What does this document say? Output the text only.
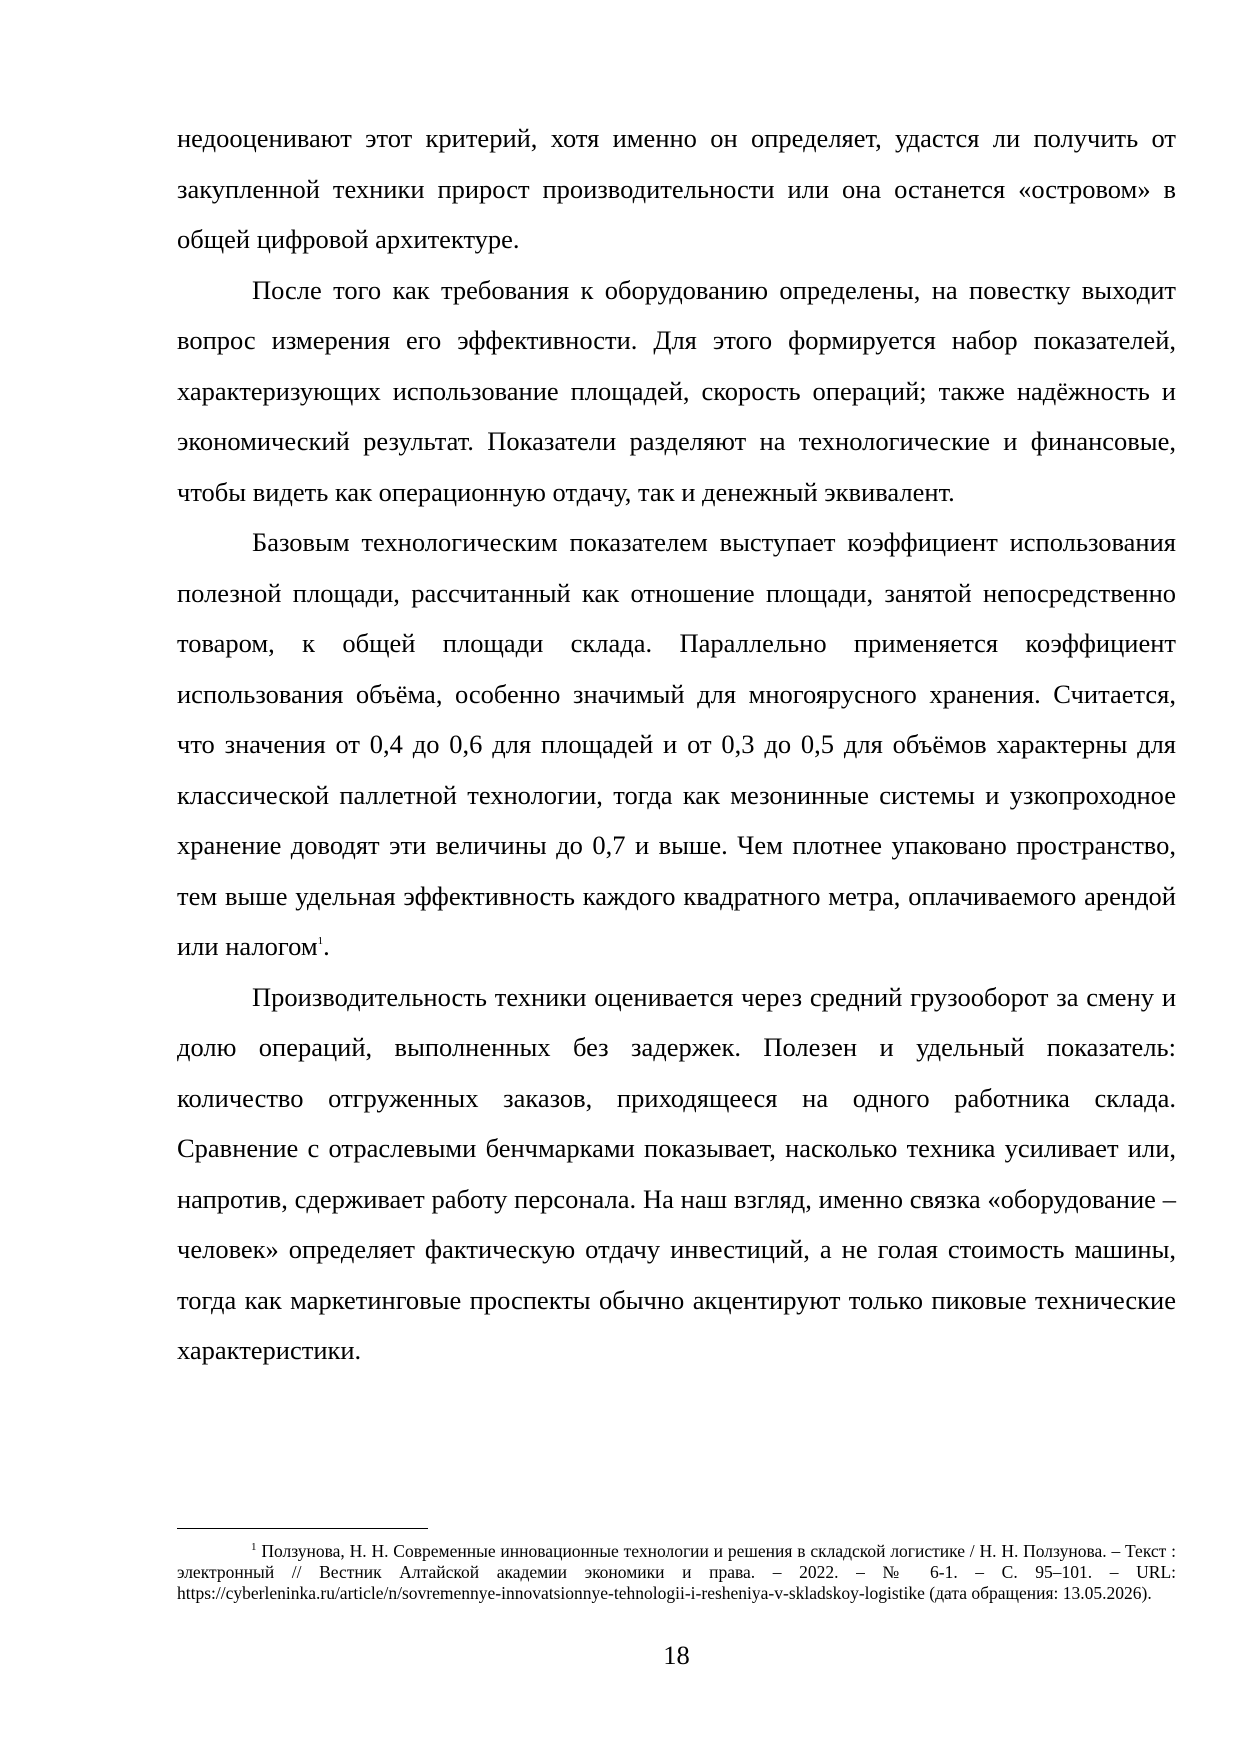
недооценивают этот критерий, хотя именно он определяет, удастся ли получить от закупленной техники прирост производительности или она останется «островом» в общей цифровой архитектуре.

После того как требования к оборудованию определены, на повестку выходит вопрос измерения его эффективности. Для этого формируется набор показателей, характеризующих использование площадей, скорость операций; также надёжность и экономический результат. Показатели разделяют на технологические и финансовые, чтобы видеть как операционную отдачу, так и денежный эквивалент.

Базовым технологическим показателем выступает коэффициент использования полезной площади, рассчитанный как отношение площади, занятой непосредственно товаром, к общей площади склада. Параллельно применяется коэффициент использования объёма, особенно значимый для многоярусного хранения. Считается, что значения от 0,4 до 0,6 для площадей и от 0,3 до 0,5 для объёмов характерны для классической паллетной технологии, тогда как мезонинные системы и узкопроходное хранение доводят эти величины до 0,7 и выше. Чем плотнее упаковано пространство, тем выше удельная эффективность каждого квадратного метра, оплачиваемого арендой или налогом$^1$.

Производительность техники оценивается через средний грузооборот за смену и долю операций, выполненных без задержек. Полезен и удельный показатель: количество отгруженных заказов, приходящееся на одного работника склада. Сравнение с отраслевыми бенчмарками показывает, насколько техника усиливает или, напротив, сдерживает работу персонала. На наш взгляд, именно связка «оборудование – человек» определяет фактическую отдачу инвестиций, а не голая стоимость машины, тогда как маркетинговые проспекты обычно акцентируют только пиковые технические характеристики.

$^1$ Ползунова, Н. Н. Современные инновационные технологии и решения в складской логистике / Н. Н. Ползунова. – Текст : электронный // Вестник Алтайской академии экономики и права. – 2022. – № 6-1. – С. 95–101. – URL: https://cyberleninka.ru/article/n/sovremennye-innovatsionnye-tehnologii-i-resheniya-v-skladskoy-logistike (дата обращения: 13.05.2026).

18
